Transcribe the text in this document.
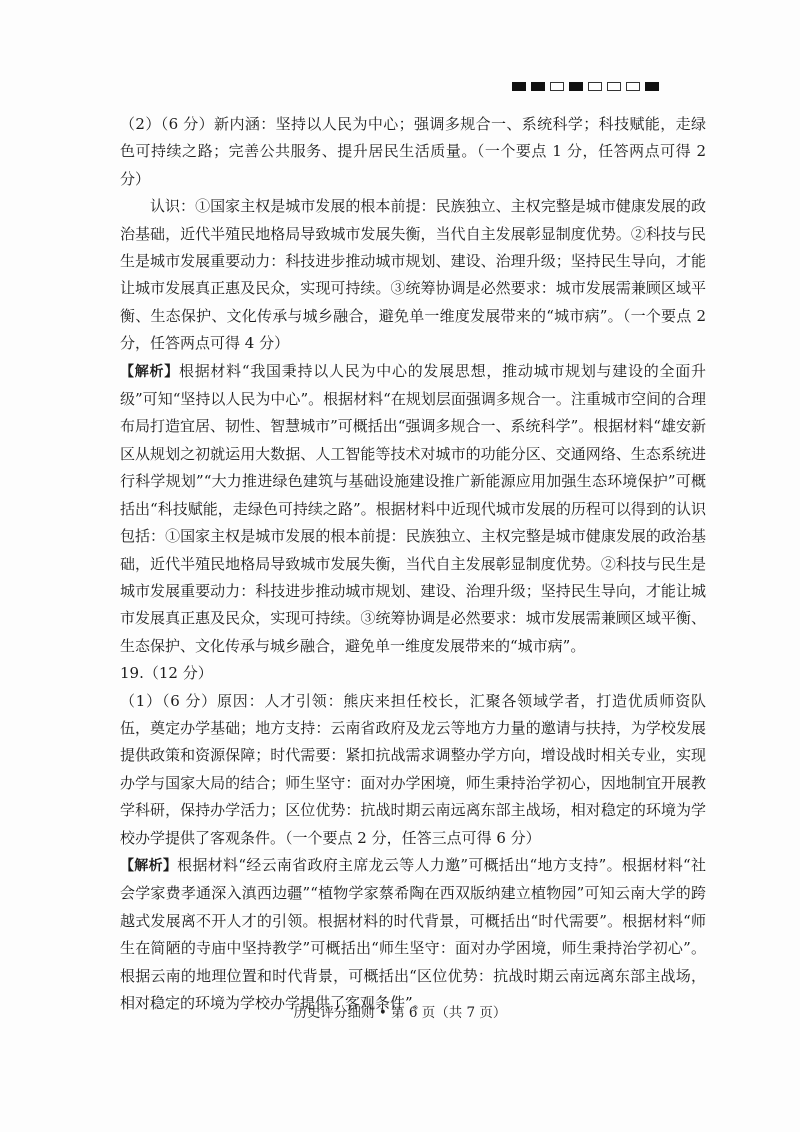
（2）（6 分）新内涵：坚持以人民为中心；强调多规合一、系统科学；科技赋能，走绿色可持续之路；完善公共服务、提升居民生活质量。（一个要点 1 分，任答两点可得 2 分）

认识：①国家主权是城市发展的根本前提：民族独立、主权完整是城市健康发展的政治基础，近代半殖民地格局导致城市发展失衡，当代自主发展彰显制度优势。②科技与民生是城市发展重要动力：科技进步推动城市规划、建设、治理升级；坚持民生导向，才能让城市发展真正惠及民众，实现可持续。③统筹协调是必然要求：城市发展需兼顾区域平衡、生态保护、文化传承与城乡融合，避免单一维度发展带来的“城市病”。（一个要点 2 分，任答两点可得 4 分）

【解析】根据材料“我国秉持以人民为中心的发展思想，推动城市规划与建设的全面升级”可知“坚持以人民为中心”。根据材料“在规划层面强调多规合一。注重城市空间的合理布局打造宜居、韧性、智慧城市”可概括出“强调多规合一、系统科学”。根据材料“雄安新区从规划之初就运用大数据、人工智能等技术对城市的功能分区、交通网络、生态系统进行科学规划”“大力推进绿色建筑与基础设施建设推广新能源应用加强生态环境保护”可概括出“科技赋能，走绿色可持续之路”。根据材料中近现代城市发展的历程可以得到的认识包括：①国家主权是城市发展的根本前提：民族独立、主权完整是城市健康发展的政治基础，近代半殖民地格局导致城市发展失衡，当代自主发展彰显制度优势。②科技与民生是城市发展重要动力：科技进步推动城市规划、建设、治理升级；坚持民生导向，才能让城市发展真正惠及民众，实现可持续。③统筹协调是必然要求：城市发展需兼顾区域平衡、生态保护、文化传承与城乡融合，避免单一维度发展带来的“城市病”。

19.（12 分）

（1）（6 分）原因：人才引领：熊庆来担任校长，汇聚各领域学者，打造优质师资队伍，奠定办学基础；地方支持：云南省政府及龙云等地方力量的邀请与扶持，为学校发展提供政策和资源保障；时代需要：紧扣抗战需求调整办学方向，增设战时相关专业，实现办学与国家大局的结合；师生坚守：面对办学困境，师生秉持治学初心，因地制宜开展教学科研，保持办学活力；区位优势：抗战时期云南远离东部主战场，相对稳定的环境为学校办学提供了客观条件。（一个要点 2 分，任答三点可得 6 分）

【解析】根据材料“经云南省政府主席龙云等人力邀”可概括出“地方支持”。根据材料“社会学家费孝通深入滇西边疆”“植物学家蔡希陶在西双版纳建立植物园”可知云南大学的跨越式发展离不开人才的引领。根据材料的时代背景，可概括出“时代需要”。根据材料“师生在简陋的寺庙中坚持教学”可概括出“师生坚守：面对办学困境，师生秉持治学初心”。根据云南的地理位置和时代背景，可概括出“区位优势：抗战时期云南远离东部主战场，相对稳定的环境为学校办学提供了客观条件”。

历史评分细则 • 第 6 页（共 7 页）
